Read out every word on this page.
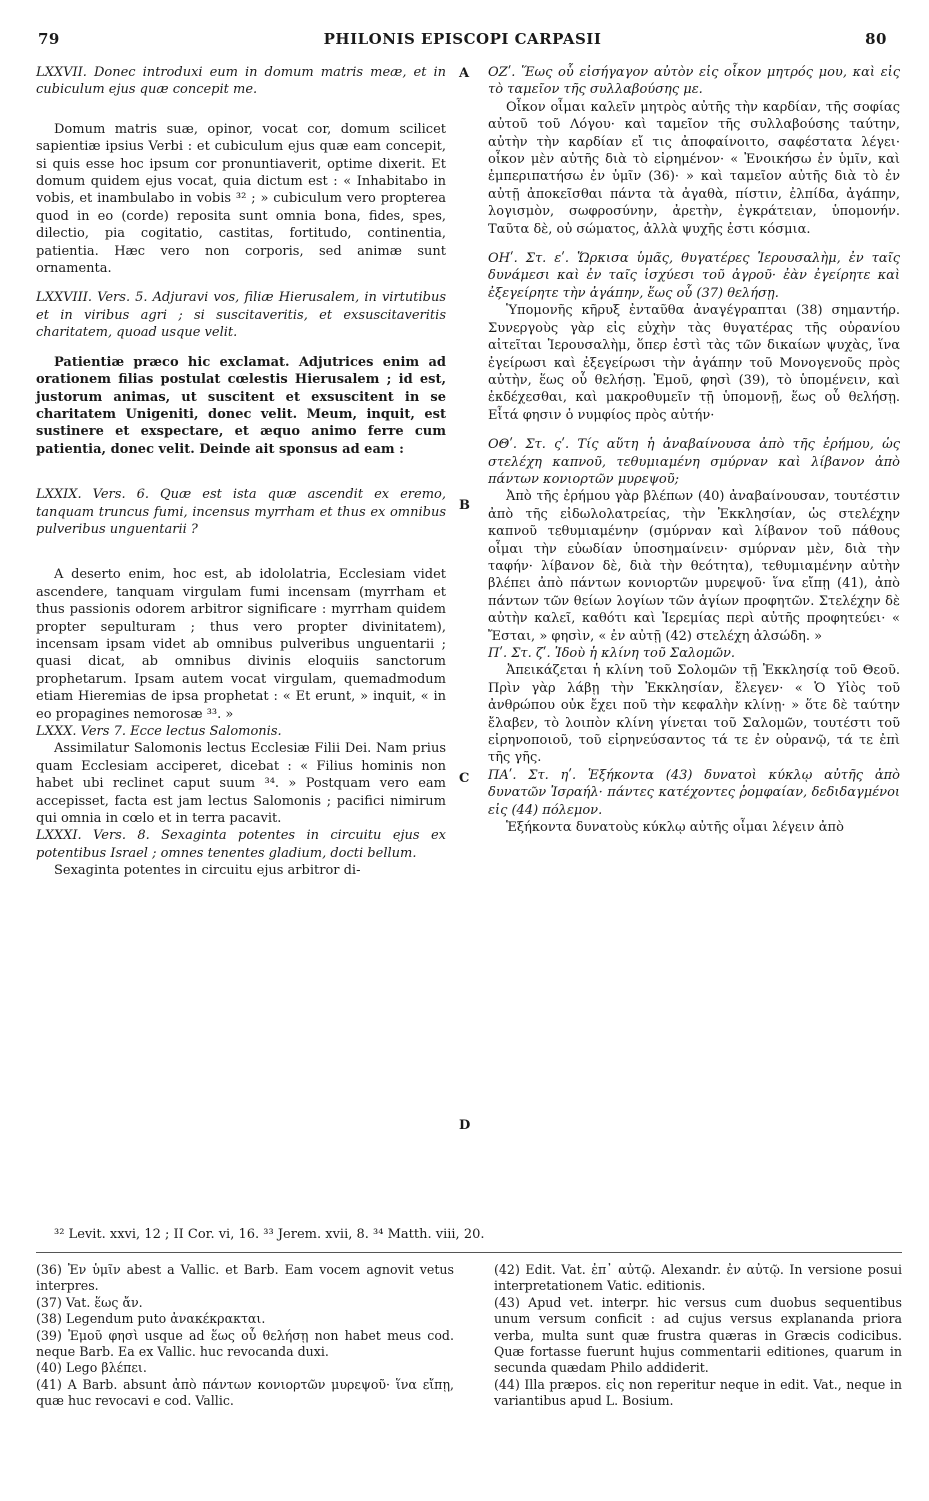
79	PHILONIS EPISCOPI CARPASII	80
A
B
C
D

LXXVII. Donec introduxi eum in domum matris meæ, et in cubiculum ejus quæ concepit me.

Domum matris suæ, opinor, vocat cor, domum scilicet sapientiæ ipsius Verbi : et cubiculum ejus quæ eam concepit, si quis esse hoc ipsum cor pronuntiaverit, optime dixerit. Et domum quidem ejus vocat, quia dictum est : « Inhabitabo in vobis, et inambulabo in vobis ³² ; » cubiculum vero propterea quod in eo (corde) reposita sunt omnia bona, fides, spes, dilectio, pia cogitatio, castitas, fortitudo, continentia, patientia. Hæc vero non corporis, sed animæ sunt ornamenta.

LXXVIII. Vers. 5. Adjuravi vos, filiæ Hierusalem, in virtutibus et in viribus agri ; si suscitaveritis, et exsuscitaveritis charitatem, quoad usque velit.

Patientiæ præco hic exclamat. Adjutrices enim ad orationem filias postulat cœlestis Hierusalem ; id est, justorum animas, ut suscitent et exsuscitent in se charitatem Unigeniti, donec velit. Meum, inquit, est sustinere et exspectare, et æquo animo ferre cum patientia, donec velit. Deinde ait sponsus ad eam :

LXXIX. Vers. 6. Quæ est ista quæ ascendit ex eremo, tanquam truncus fumi, incensus myrrham et thus ex omnibus pulveribus unguentarii ?

A deserto enim, hoc est, ab idololatria, Ecclesiam videt ascendere, tanquam virgulam fumi incensam (myrrham et thus passionis odorem arbitror significare : myrrham quidem propter sepulturam ; thus vero propter divinitatem), incensam ipsam videt ab omnibus pulveribus unguentarii ; quasi dicat, ab omnibus divinis eloquiis sanctorum prophetarum. Ipsam autem vocat virgulam, quemadmodum etiam Hieremias de ipsa prophetat : « Et erunt, » inquit, « in eo propagines nemorosæ ³³. »

LXXX. Vers 7. Ecce lectus Salomonis.

Assimilatur Salomonis lectus Ecclesiæ Filii Dei. Nam prius quam Ecclesiam acciperet, dicebat : « Filius hominis non habet ubi reclinet caput suum ³⁴. » Postquam vero eam accepisset, facta est jam lectus Salomonis ; pacifici nimirum qui omnia in cœlo et in terra pacavit.

LXXXI. Vers. 8. Sexaginta potentes in circuitu ejus ex potentibus Israel ; omnes tenentes gladium, docti bellum.

Sexaginta potentes in circuitu ejus arbitror di-

ΟΖʹ. Ἕως οὗ εἰσήγαγον αὐτὸν εἰς οἶκον μητρός μου, καὶ εἰς τὸ ταμεῖον τῆς συλλαβούσης με.

Οἶκον οἶμαι καλεῖν μητρὸς αὐτῆς τὴν καρδίαν, τῆς σοφίας αὐτοῦ τοῦ Λόγου· καὶ ταμεῖον τῆς συλλαβούσης ταύτην, αὐτὴν τὴν καρδίαν εἴ τις ἀποφαίνοιτο, σαφέστατα λέγει· οἶκον μὲν αὐτῆς διὰ τὸ εἰρημένον· « Ἐνοικήσω ἐν ὑμῖν, καὶ ἐμπεριπατήσω ἐν ὑμῖν (36)· » καὶ ταμεῖον αὐτῆς διὰ τὸ ἐν αὐτῇ ἀποκεῖσθαι πάντα τὰ ἀγαθὰ, πίστιν, ἐλπίδα, ἀγάπην, λογισμὸν, σωφροσύνην, ἀρετὴν, ἐγκράτειαν, ὑπομονήν. Ταῦτα δὲ, οὐ σώματος, ἀλλὰ ψυχῆς ἐστι κόσμια.

ΟΗʹ. Στ. εʹ. Ὥρκισα ὑμᾶς, θυγατέρες Ἱερουσαλὴμ, ἐν ταῖς δυνάμεσι καὶ ἐν ταῖς ἰσχύεσι τοῦ ἀγροῦ· ἐὰν ἐγείρητε καὶ ἐξεγείρητε τὴν ἀγάπην, ἕως οὗ (37) θελήσῃ.

Ὑπομονῆς κῆρυξ ἐνταῦθα ἀναγέγραπται (38) σημαντήρ. Συνεργοὺς γὰρ εἰς εὐχὴν τὰς θυγατέρας τῆς οὐρανίου αἰτεῖται Ἱερουσαλὴμ, ὅπερ ἐστὶ τὰς τῶν δικαίων ψυχὰς, ἵνα ἐγείρωσι καὶ ἐξεγείρωσι τὴν ἀγάπην τοῦ Μονογενοῦς πρὸς αὐτὴν, ἕως οὗ θελήσῃ. Ἐμοῦ, φησὶ (39), τὸ ὑπομένειν, καὶ ἐκδέχεσθαι, καὶ μακροθυμεῖν τῇ ὑπομονῇ, ἕως οὗ θελήσῃ. Εἶτά φησιν ὁ νυμφίος πρὸς αὐτήν·

ΟΘʹ. Στ. ςʹ. Τίς αὕτη ἡ ἀναβαίνουσα ἀπὸ τῆς ἐρήμου, ὡς στελέχη καπνοῦ, τεθυμιαμένη σμύρναν καὶ λίβανον ἀπὸ πάντων κονιορτῶν μυρεψοῦ;

Ἀπὸ τῆς ἐρήμου γὰρ βλέπων (40) ἀναβαίνουσαν, τουτέστιν ἀπὸ τῆς εἰδωλολατρείας, τὴν Ἐκκλησίαν, ὡς στελέχην καπνοῦ τεθυμιαμένην (σμύρναν καὶ λίβανον τοῦ πάθους οἶμαι τὴν εὐωδίαν ὑποσημαίνειν· σμύρναν μὲν, διὰ τὴν ταφήν· λίβανον δὲ, διὰ τὴν θεότητα), τεθυμιαμένην αὐτὴν βλέπει ἀπὸ πάντων κονιορτῶν μυρεψοῦ· ἵνα εἴπῃ (41), ἀπὸ πάντων τῶν θείων λογίων τῶν ἁγίων προφητῶν. Στελέχην δὲ αὐτὴν καλεῖ, καθότι καὶ Ἱερεμίας περὶ αὐτῆς προφητεύει· « Ἔσται, » φησὶν, « ἐν αὐτῇ (42) στελέχη ἀλσώδη. »

Πʹ. Στ. ζʹ. Ἰδοὺ ἡ κλίνη τοῦ Σαλομῶν.

Ἀπεικάζεται ἡ κλίνη τοῦ Σολομῶν τῇ Ἐκκλησίᾳ τοῦ Θεοῦ. Πρὶν γὰρ λάβῃ τὴν Ἐκκλησίαν, ἔλεγεν· « Ὁ Υἱὸς τοῦ ἀνθρώπου οὐκ ἔχει ποῦ τὴν κεφαλὴν κλίνῃ· » ὅτε δὲ ταύτην ἔλαβεν, τὸ λοιπὸν κλίνη γίνεται τοῦ Σαλομῶν, τουτέστι τοῦ εἰρηνοποιοῦ, τοῦ εἰρηνεύσαντος τά τε ἐν οὐρανῷ, τά τε ἐπὶ τῆς γῆς.

ΠΑʹ. Στ. ηʹ. Ἑξήκοντα (43) δυνατοὶ κύκλῳ αὐτῆς ἀπὸ δυνατῶν Ἰσραήλ· πάντες κατέχοντες ῥομφαίαν, δεδιδαγμένοι εἰς (44) πόλεμον.

Ἑξήκοντα δυνατοὺς κύκλῳ αὐτῆς οἶμαι λέγειν ἀπὸ

³² Levit. xxvi, 12 ; II Cor. vi, 16. ³³ Jerem. xvii, 8. ³⁴ Matth. viii, 20.

(36) Ἐν ὑμῖν abest a Vallic. et Barb. Eam vocem agnovit vetus interpres.

(37) Vat. ἕως ἄν.

(38) Legendum puto ἀνακέκρακται.

(39) Ἐμοῦ φησὶ usque ad ἕως οὗ θελήσῃ non habet meus cod. neque Barb. Ea ex Vallic. huc revocanda duxi.

(40) Lego βλέπει.

(41) A Barb. absunt ἀπὸ πάντων κονιορτῶν μυρεψοῦ· ἵνα εἴπῃ, quæ huc revocavi e cod. Vallic.

(42) Edit. Vat. ἐπ᾽ αὐτῷ. Alexandr. ἐν αὐτῷ. In versione posui interpretationem Vatic. editionis.

(43) Apud vet. interpr. hic versus cum duobus sequentibus unum versum conficit : ad cujus versus explananda priora verba, multa sunt quæ frustra quæras in Græcis codicibus. Quæ fortasse fuerunt hujus commentarii editiones, quarum in secunda quædam Philo addiderit.

(44) Illa præpos. εἰς non reperitur neque in edit. Vat., neque in variantibus apud L. Bosium.
